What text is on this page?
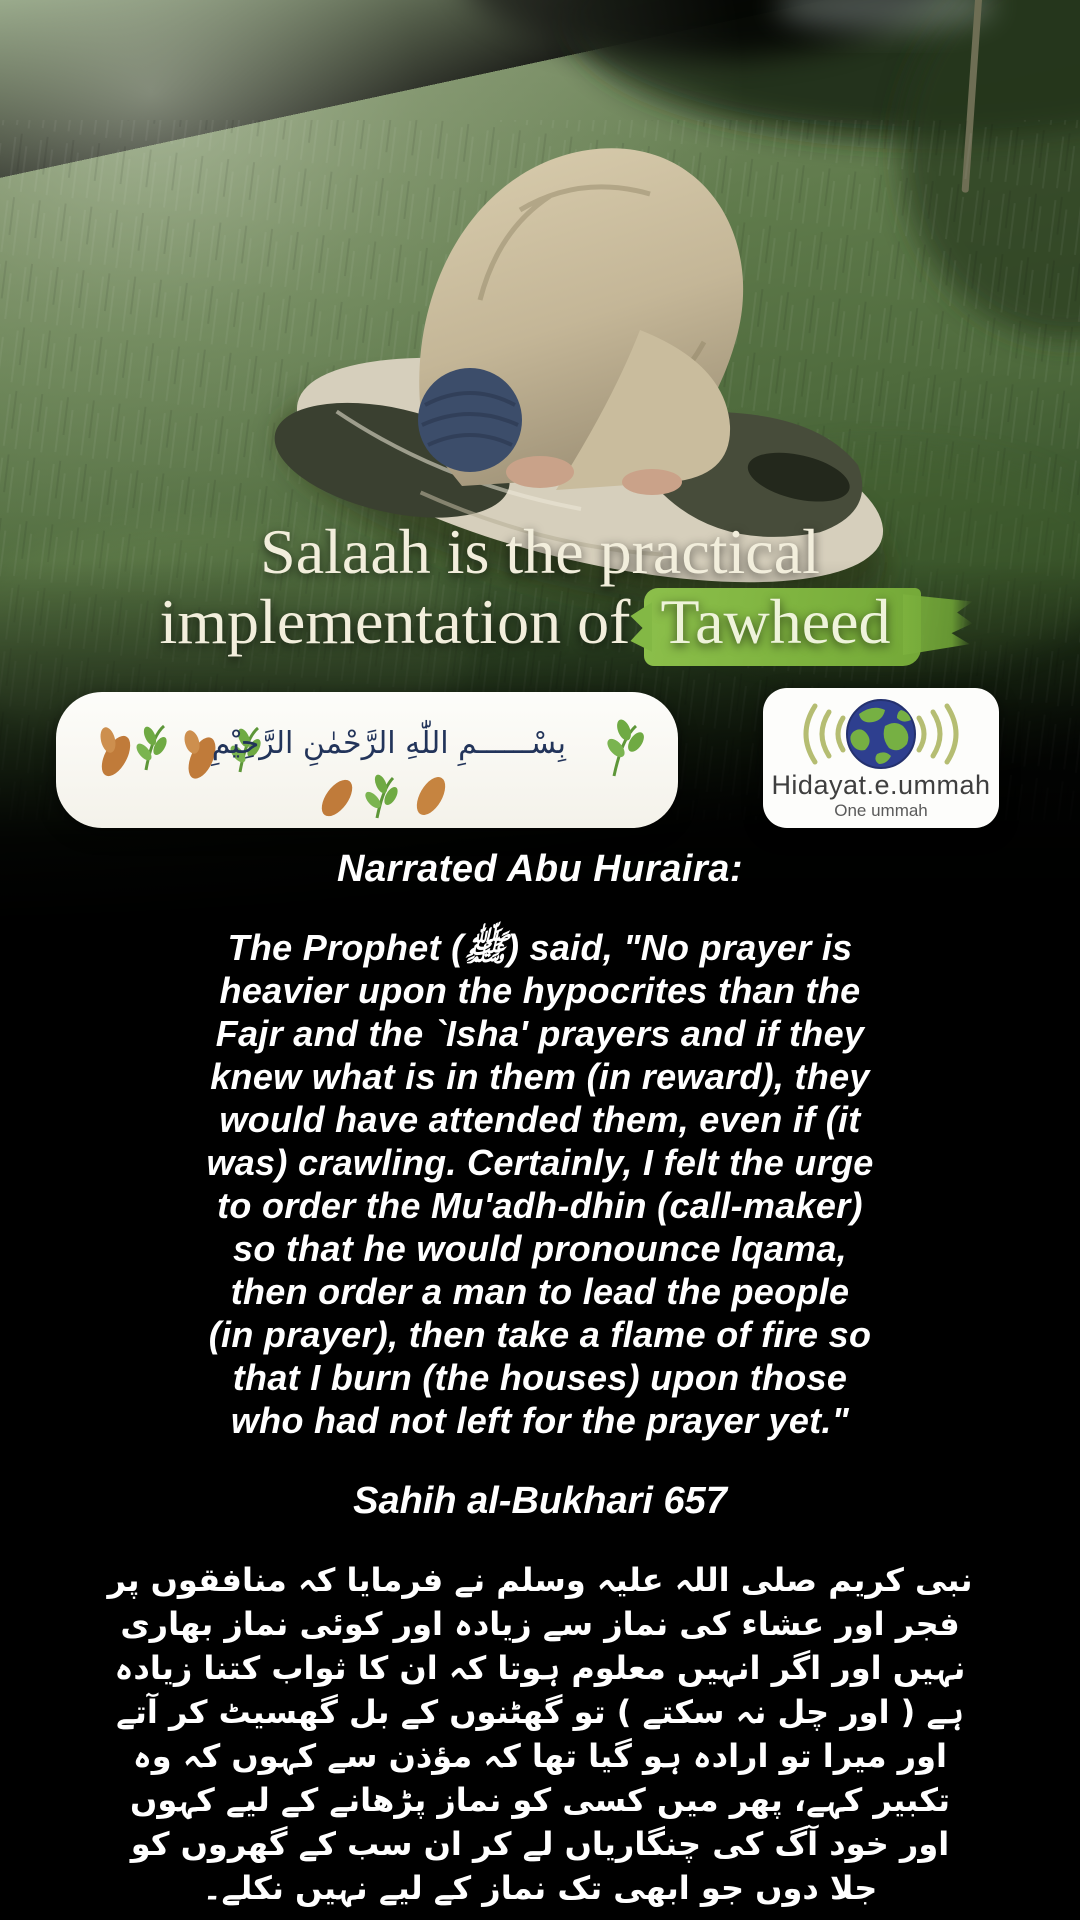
Salaah is the practical
implementation of Tawheed
بِسْــــــمِ اللّٰهِ الرَّحْمٰنِ الرَّحِيْمِ
Hidayat.e.ummah
One ummah
Narrated Abu Huraira:
The Prophet (ﷺ) said, "No prayer is
heavier upon the hypocrites than the
Fajr and the `Isha' prayers and if they
knew what is in them (in reward), they
would have attended them, even if (it
was) crawling. Certainly, I felt the urge
to order the Mu'adh-dhin (call-maker)
so that he would pronounce Iqama,
then order a man to lead the people
(in prayer), then take a flame of fire so
that I burn (the houses) upon those
who had not left for the prayer yet."
Sahih al-Bukhari 657
نبی کریم صلی اللہ علیہ وسلم نے فرمایا کہ منافقوں پر
فجر اور عشاء کی نماز سے زیادہ اور کوئی نماز بھاری
نہیں اور اگر انہیں معلوم ہوتا کہ ان کا ثواب کتنا زیادہ
ہے ( اور چل نہ سکتے ) تو گھٹنوں کے بل گھسیٹ کر آتے
اور میرا تو ارادہ ہو گیا تھا کہ مؤذن سے کہوں کہ وہ
تکبیر کہے، پھر میں کسی کو نماز پڑھانے کے لیے کہوں
اور خود آگ کی چنگاریاں لے کر ان سب کے گھروں کو
جلا دوں جو ابھی تک نماز کے لیے نہیں نکلے۔
